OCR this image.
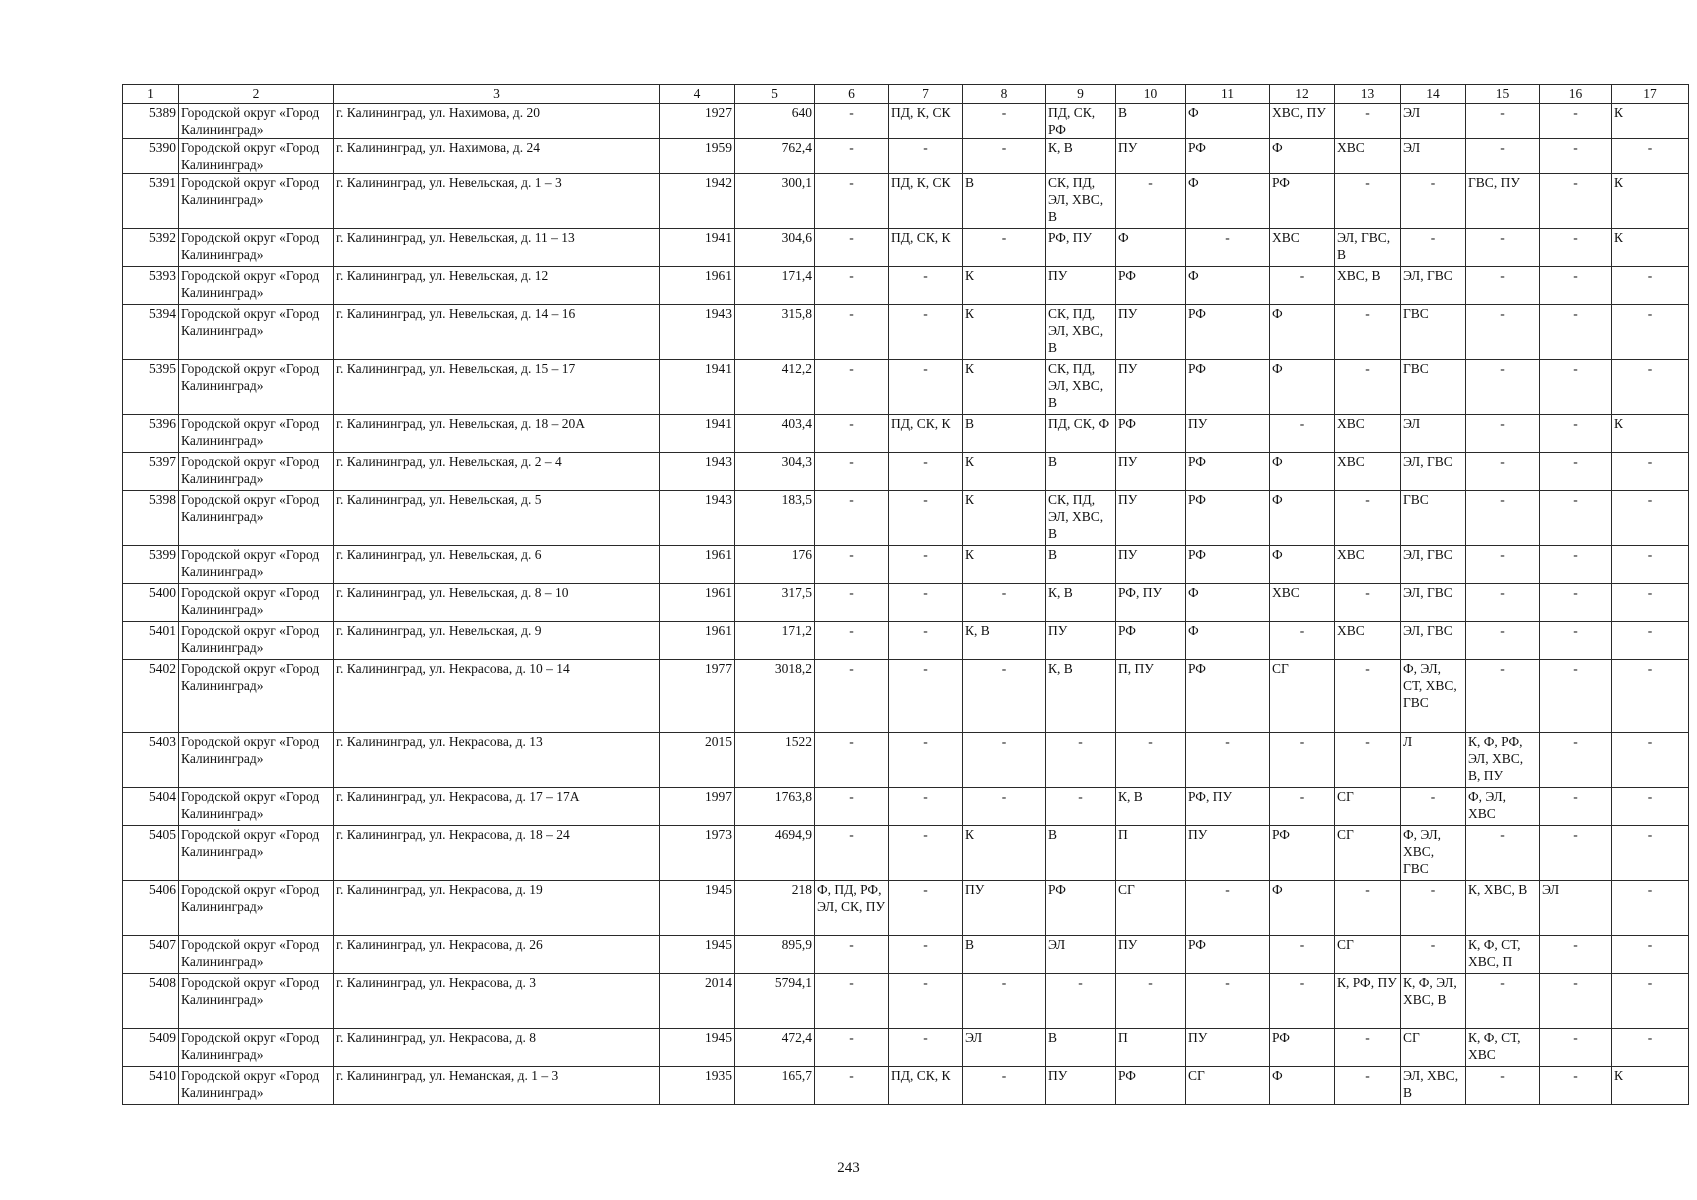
1	2	3	4	5	6	7	8	9	10	11	12	13	14	15	16	17
5389	Городской округ «Город Калининград»	г. Калининград, ул. Нахимова, д. 20	1927	640	-	ПД, К, СК	-	ПД, СК, РФ	В	Ф	ХВС, ПУ	-	ЭЛ	-	-	К
5390	Городской округ «Город Калининград»	г. Калининград, ул. Нахимова, д. 24	1959	762,4	-	-	-	К, В	ПУ	РФ	Ф	ХВС	ЭЛ	-	-	-
5391	Городской округ «Город Калининград»	г. Калининград, ул. Невельская, д. 1 – 3	1942	300,1	-	ПД, К, СК	В	СК, ПД, ЭЛ, ХВС, В	-	Ф	РФ	-	-	ГВС, ПУ	-	К
5392	Городской округ «Город Калининград»	г. Калининград, ул. Невельская, д. 11 – 13	1941	304,6	-	ПД, СК, К	-	РФ, ПУ	Ф	-	ХВС	ЭЛ, ГВС, В	-	-	-	К
5393	Городской округ «Город Калининград»	г. Калининград, ул. Невельская, д. 12	1961	171,4	-	-	К	ПУ	РФ	Ф	-	ХВС, В	ЭЛ, ГВС	-	-	-
5394	Городской округ «Город Калининград»	г. Калининград, ул. Невельская, д. 14 – 16	1943	315,8	-	-	К	СК, ПД, ЭЛ, ХВС, В	ПУ	РФ	Ф	-	ГВС	-	-	-
5395	Городской округ «Город Калининград»	г. Калининград, ул. Невельская, д. 15 – 17	1941	412,2	-	-	К	СК, ПД, ЭЛ, ХВС, В	ПУ	РФ	Ф	-	ГВС	-	-	-
5396	Городской округ «Город Калининград»	г. Калининград, ул. Невельская, д. 18 – 20А	1941	403,4	-	ПД, СК, К	В	ПД, СК, Ф	РФ	ПУ	-	ХВС	ЭЛ	-	-	К
5397	Городской округ «Город Калининград»	г. Калининград, ул. Невельская, д. 2 – 4	1943	304,3	-	-	К	В	ПУ	РФ	Ф	ХВС	ЭЛ, ГВС	-	-	-
5398	Городской округ «Город Калининград»	г. Калининград, ул. Невельская, д. 5	1943	183,5	-	-	К	СК, ПД, ЭЛ, ХВС, В	ПУ	РФ	Ф	-	ГВС	-	-	-
5399	Городской округ «Город Калининград»	г. Калининград, ул. Невельская, д. 6	1961	176	-	-	К	В	ПУ	РФ	Ф	ХВС	ЭЛ, ГВС	-	-	-
5400	Городской округ «Город Калининград»	г. Калининград, ул. Невельская, д. 8 – 10	1961	317,5	-	-	-	К, В	РФ, ПУ	Ф	ХВС	-	ЭЛ, ГВС	-	-	-
5401	Городской округ «Город Калининград»	г. Калининград, ул. Невельская, д. 9	1961	171,2	-	-	К, В	ПУ	РФ	Ф	-	ХВС	ЭЛ, ГВС	-	-	-
5402	Городской округ «Город Калининград»	г. Калининград, ул. Некрасова, д. 10 – 14	1977	3018,2	-	-	-	К, В	П, ПУ	РФ	СГ	-	Ф, ЭЛ, СТ, ХВС, ГВС	-	-	-
5403	Городской округ «Город Калининград»	г. Калининград, ул. Некрасова, д. 13	2015	1522	-	-	-	-	-	-	-	-	Л	К, Ф, РФ, ЭЛ, ХВС, В, ПУ	-	-
5404	Городской округ «Город Калининград»	г. Калининград, ул. Некрасова, д. 17 – 17А	1997	1763,8	-	-	-	-	К, В	РФ, ПУ	-	СГ	-	Ф, ЭЛ, ХВС	-	-
5405	Городской округ «Город Калининград»	г. Калининград, ул. Некрасова, д. 18 – 24	1973	4694,9	-	-	К	В	П	ПУ	РФ	СГ	Ф, ЭЛ, ХВС, ГВС	-	-	-
5406	Городской округ «Город Калининград»	г. Калининград, ул. Некрасова, д. 19	1945	218	Ф, ПД, РФ, ЭЛ, СК, ПУ	-	ПУ	РФ	СГ	-	Ф	-	-	К, ХВС, В	ЭЛ	-
5407	Городской округ «Город Калининград»	г. Калининград, ул. Некрасова, д. 26	1945	895,9	-	-	В	ЭЛ	ПУ	РФ	-	СГ	-	К, Ф, СТ, ХВС, П	-	-
5408	Городской округ «Город Калининград»	г. Калининград, ул. Некрасова, д. 3	2014	5794,1	-	-	-	-	-	-	-	К, РФ, ПУ	К, Ф, ЭЛ, ХВС, В	-	-	-
5409	Городской округ «Город Калининград»	г. Калининград, ул. Некрасова, д. 8	1945	472,4	-	-	ЭЛ	В	П	ПУ	РФ	-	СГ	К, Ф, СТ, ХВС	-	-
5410	Городской округ «Город Калининград»	г. Калининград, ул. Неманская, д. 1 – 3	1935	165,7	-	ПД, СК, К	-	ПУ	РФ	СГ	Ф	-	ЭЛ, ХВС, В	-	-	К
243
